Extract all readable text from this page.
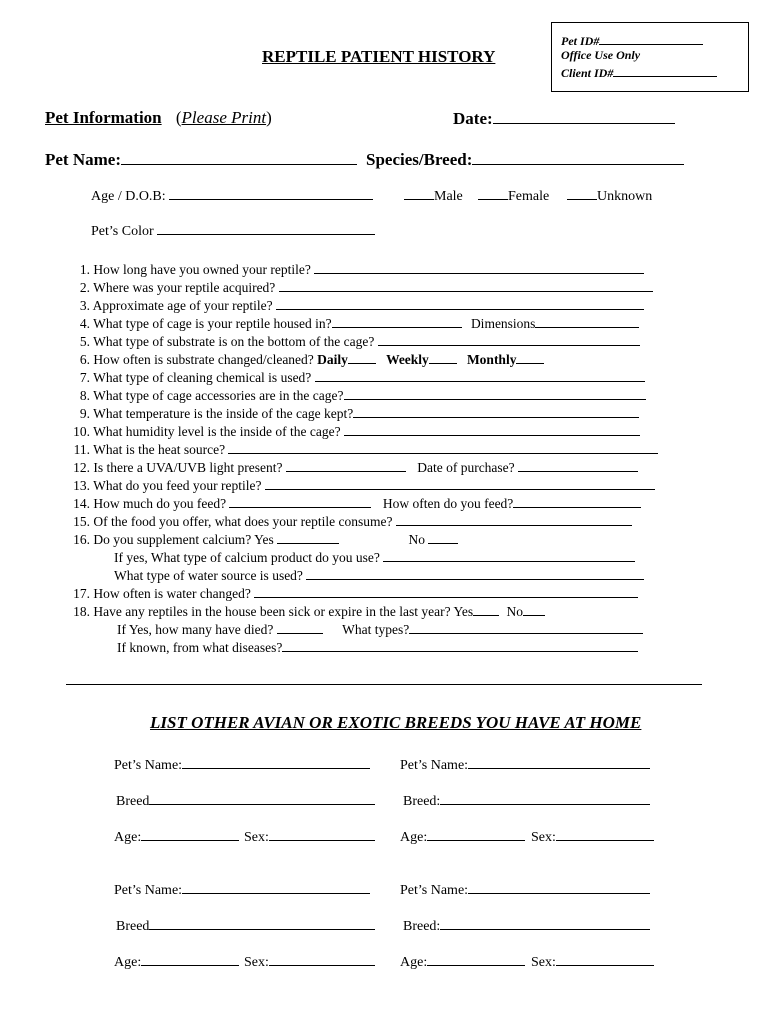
Pet ID#
Office Use Only
Client ID#
REPTILE PATIENT HISTORY
Pet Information (Please Print)	Date:
Pet Name:	Species/Breed:
Age / D.O.B:	Male	Female	Unknown
Pet’s Color
1. How long have you owned your reptile?
2. Where was your reptile acquired?
3. Approximate age of your reptile?
4. What type of cage is your reptile housed in?	Dimensions
5. What type of substrate is on the bottom of the cage?
6. How often is substrate changed/cleaned? Daily	Weekly	Monthly
7. What type of cleaning chemical is used?
8. What type of cage accessories are in the cage?
9. What temperature is the inside of the cage kept?
10. What humidity level is the inside of the cage?
11. What is the heat source?
12. Is there a UVA/UVB light present?	Date of purchase?
13. What do you feed your reptile?
14. How much do you feed?	How often do you feed?
15. Of the food you offer, what does your reptile consume?
16. Do you supplement calcium? Yes	No
If yes, What type of calcium product do you use?
What type of water source is used?
17. How often is water changed?
18. Have any reptiles in the house been sick or expire in the last year? Yes No
If Yes, how many have died?	What types?
If known, from what diseases?
LIST OTHER AVIAN OR EXOTIC BREEDS YOU HAVE AT HOME
Pet’s Name:
Breed
Age:	Sex:
Pet’s Name:
Breed:
Age:	Sex:
Pet’s Name:
Breed
Age:	Sex:
Pet’s Name:
Breed:
Age:	Sex:
